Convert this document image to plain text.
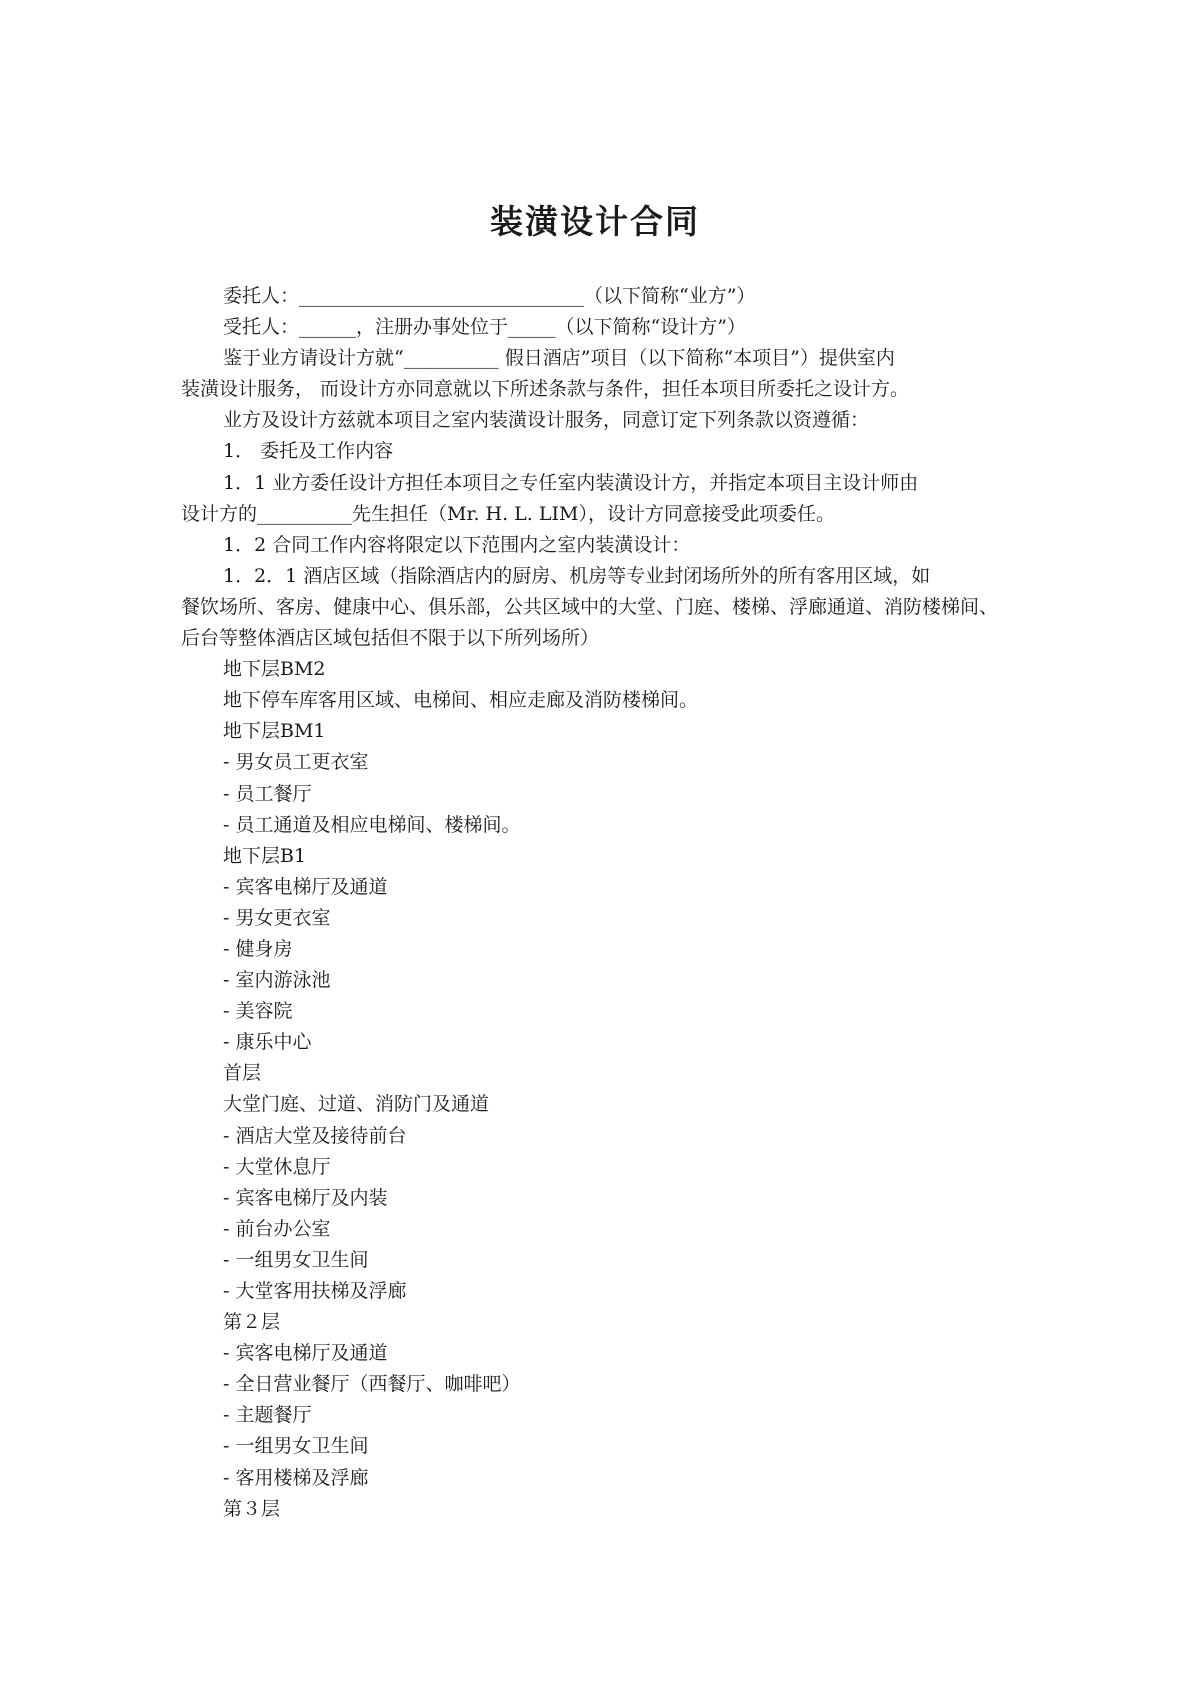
装潢设计合同
委托人：______________________________（以下简称“业方”）
受托人：______，注册办事处位于_____（以下简称“设计方”）
鉴于业方请设计方就“__________ 假日酒店”项目（以下简称“本项目”）提供室内
装潢设计服务， 而设计方亦同意就以下所述条款与条件，担任本项目所委托之设计方。
业方及设计方兹就本项目之室内装潢设计服务，同意订定下列条款以资遵循：
1． 委托及工作内容
1．1 业方委任设计方担任本项目之专任室内装潢设计方，并指定本项目主设计师由
设计方的__________先生担任（Mr. H. L. LIM），设计方同意接受此项委任。
1．2 合同工作内容将限定以下范围内之室内装潢设计：
1．2．1 酒店区域（指除酒店内的厨房、机房等专业封闭场所外的所有客用区域，如
餐饮场所、客房、健康中心、俱乐部，公共区域中的大堂、门庭、楼梯、浮廊通道、消防楼梯间、
后台等整体酒店区域包括但不限于以下所列场所）
地下层BM2
地下停车库客用区域、电梯间、相应走廊及消防楼梯间。
地下层BM1
- 男女员工更衣室
- 员工餐厅
- 员工通道及相应电梯间、楼梯间。
地下层B1
- 宾客电梯厅及通道
- 男女更衣室
- 健身房
- 室内游泳池
- 美容院
- 康乐中心
首层
大堂门庭、过道、消防门及通道
- 酒店大堂及接待前台
- 大堂休息厅
- 宾客电梯厅及内装
- 前台办公室
- 一组男女卫生间
- 大堂客用扶梯及浮廊
第２层
- 宾客电梯厅及通道
- 全日营业餐厅（西餐厅、咖啡吧）
- 主题餐厅
- 一组男女卫生间
- 客用楼梯及浮廊
第３层
